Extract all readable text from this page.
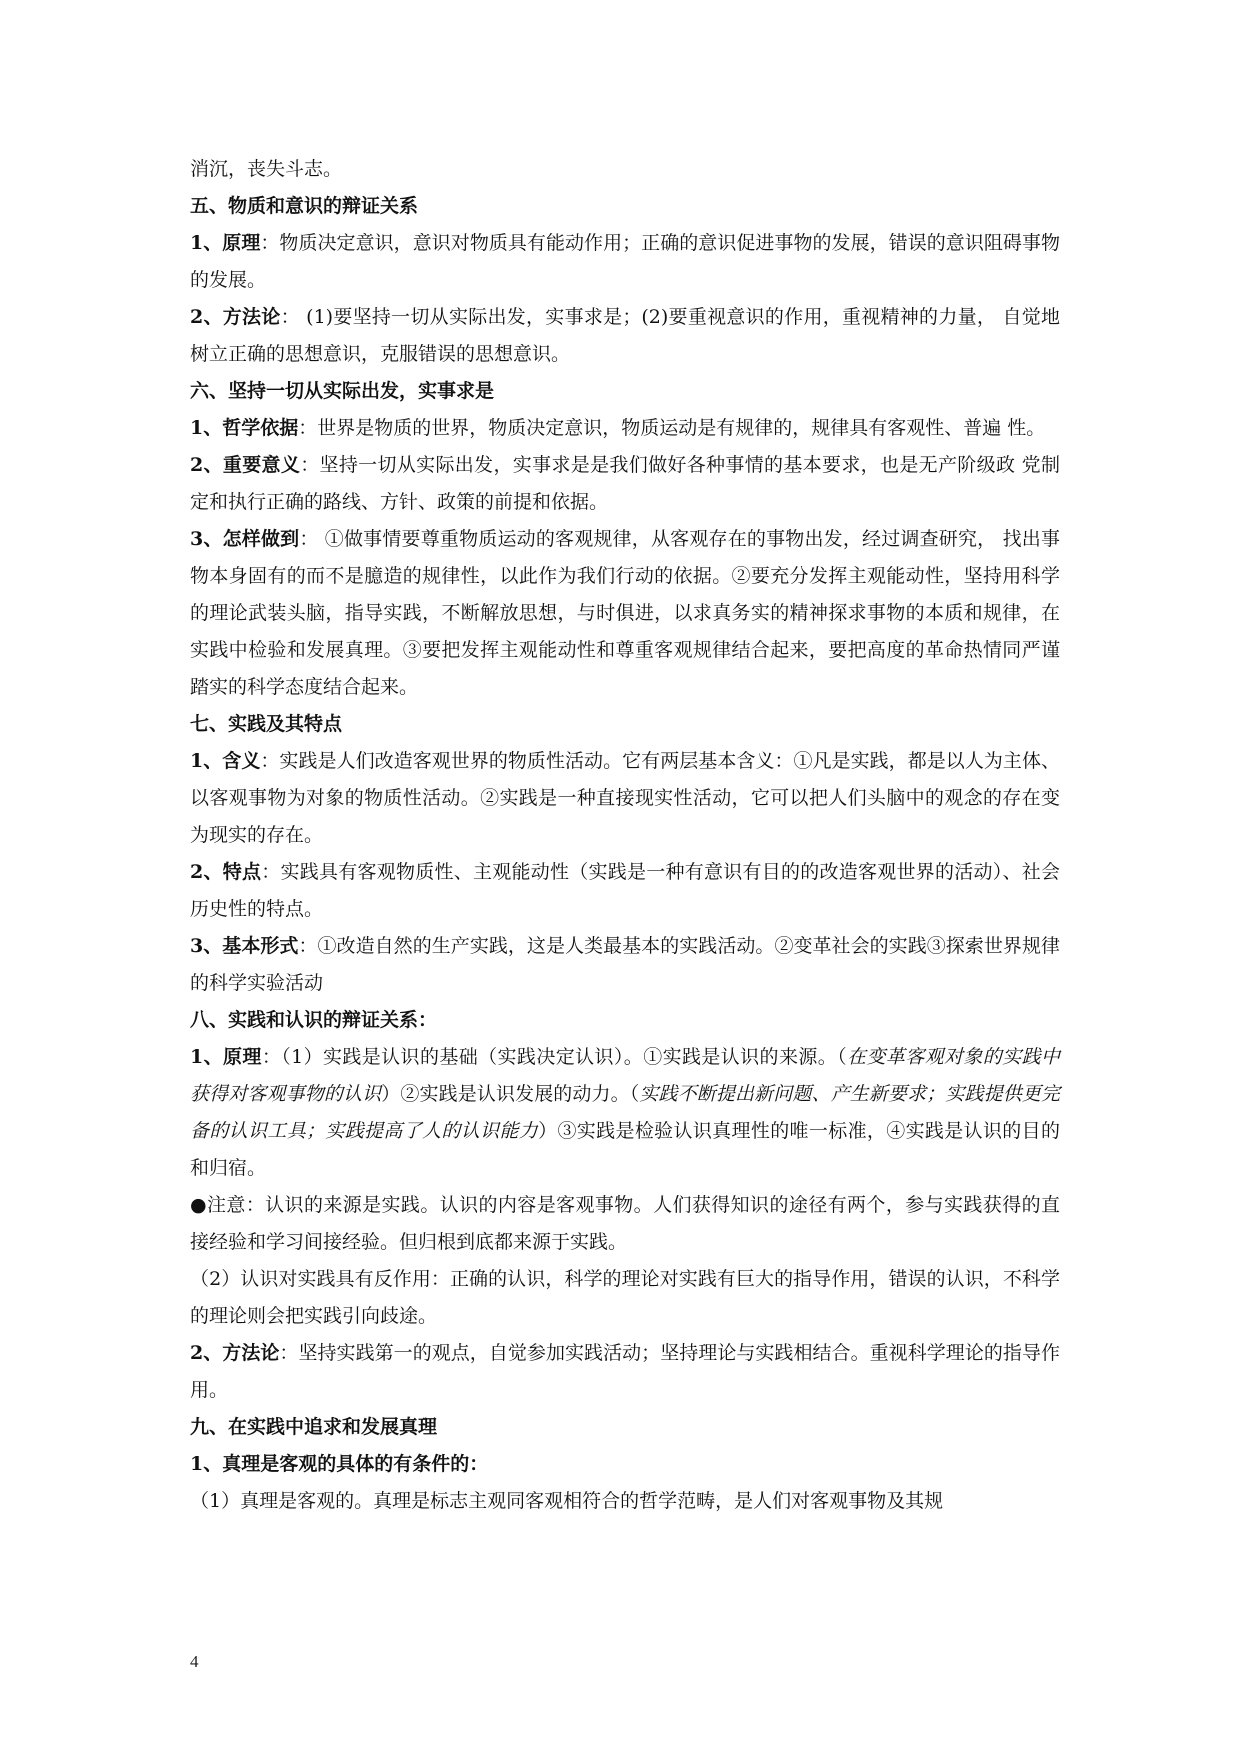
消沉，丧失斗志。

五、物质和意识的辩证关系

1、原理：物质决定意识，意识对物质具有能动作用；正确的意识促进事物的发展，错误的意识阻碍事物的发展。

2、方法论： (1)要坚持一切从实际出发，实事求是；(2)要重视意识的作用，重视精神的力量， 自觉地树立正确的思想意识，克服错误的思想意识。

六、坚持一切从实际出发，实事求是

1、哲学依据：世界是物质的世界，物质决定意识，物质运动是有规律的，规律具有客观性、普遍 性。

2、重要意义：坚持一切从实际出发，实事求是是我们做好各种事情的基本要求，也是无产阶级政 党制定和执行正确的路线、方针、政策的前提和依据。

3、怎样做到： ①做事情要尊重物质运动的客观规律，从客观存在的事物出发，经过调查研究， 找出事物本身固有的而不是臆造的规律性，以此作为我们行动的依据。②要充分发挥主观能动性，坚持用科学的理论武装头脑，指导实践，不断解放思想，与时俱进，以求真务实的精神探求事物的本质和规律，在实践中检验和发展真理。③要把发挥主观能动性和尊重客观规律结合起来，要把高度的革命热情同严谨踏实的科学态度结合起来。

七、实践及其特点

1、含义：实践是人们改造客观世界的物质性活动。它有两层基本含义：①凡是实践，都是以人为主体、以客观事物为对象的物质性活动。②实践是一种直接现实性活动，它可以把人们头脑中的观念的存在变为现实的存在。

2、特点：实践具有客观物质性、主观能动性（实践是一种有意识有目的的改造客观世界的活动）、社会历史性的特点。

3、基本形式：①改造自然的生产实践，这是人类最基本的实践活动。②变革社会的实践③探索世界规律的科学实验活动

八、实践和认识的辩证关系：

1、原理：（1）实践是认识的基础（实践决定认识）。①实践是认识的来源。（在变革客观对象的实践中获得对客观事物的认识）②实践是认识发展的动力。（实践不断提出新问题、产生新要求；实践提供更完备的认识工具；实践提高了人的认识能力）③实践是检验认识真理性的唯一标准，④实践是认识的目的和归宿。

●注意：认识的来源是实践。认识的内容是客观事物。人们获得知识的途径有两个，参与实践获得的直接经验和学习间接经验。但归根到底都来源于实践。

（2）认识对实践具有反作用：正确的认识，科学的理论对实践有巨大的指导作用，错误的认识，不科学的理论则会把实践引向歧途。

2、方法论：坚持实践第一的观点，自觉参加实践活动；坚持理论与实践相结合。重视科学理论的指导作用。

九、在实践中追求和发展真理

1、真理是客观的具体的有条件的：

（1）真理是客观的。真理是标志主观同客观相符合的哲学范畴，是人们对客观事物及其规

4
